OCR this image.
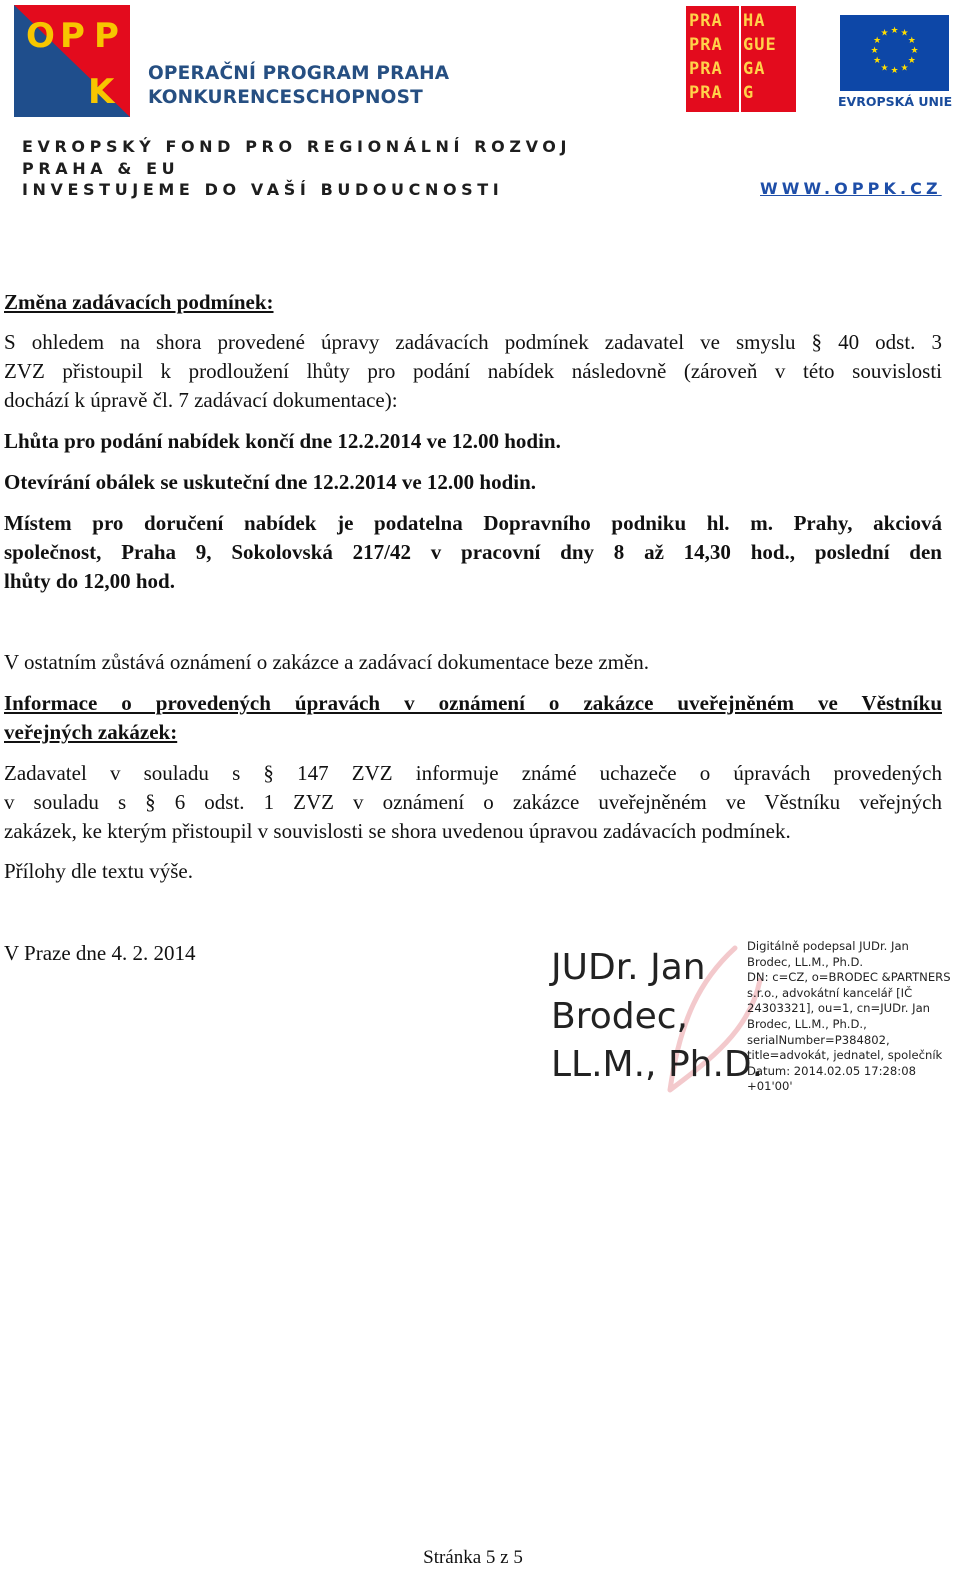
O P P
K OPERAČNÍ PROGRAM PRAHA
KONKURENCESCHOPNOST
PRA HA
PRA GUE
PRA GA
PRA G
★ ★
★
★
★
★
★
★
★
★
★
★
EVROPSKÁ UNIE
EVROPSKÝ FOND PRO REGIONÁLNÍ ROZVOJ
PRAHA & EU
INVESTUJEME DO VAŠÍ BUDOUCNOSTI	WWW.OPPK.CZ
Změna zadávacích podmínek:
S ohledem na shora provedené úpravy zadávacích podmínek zadavatel ve smyslu § 40 odst. 3
ZVZ přistoupil k prodloužení lhůty pro podání nabídek následovně (zároveň v této souvislosti
dochází k úpravě čl. 7 zadávací dokumentace):
Lhůta pro podání nabídek končí dne 12.2.2014 ve 12.00 hodin.
Otevírání obálek se uskuteční dne 12.2.2014 ve 12.00 hodin.
Místem pro doručení nabídek je podatelna Dopravního podniku hl. m. Prahy, akciová
společnost, Praha 9, Sokolovská 217/42 v pracovní dny 8 až 14,30 hod., poslední den
lhůty do 12,00 hod.
V ostatním zůstává oznámení o zakázce a zadávací dokumentace beze změn.
Informace o provedených úpravách v oznámení o zakázce uveřejněném ve Věstníku
veřejných zakázek:
Zadavatel v souladu s § 147 ZVZ informuje známé uchazeče o úpravách provedených
v souladu s § 6 odst. 1 ZVZ v oznámení o zakázce uveřejněném ve Věstníku veřejných
zakázek, ke kterým přistoupil v souvislosti se shora uvedenou úpravou zadávacích podmínek.
Přílohy dle textu výše.
V Praze dne 4. 2. 2014	JUDr. Jan
Brodec,
LL.M., Ph.D.
Digitálně podepsal JUDr. Jan
Brodec, LL.M., Ph.D.
DN: c=CZ, o=BRODEC &PARTNERS
s.r.o., advokátní kancelář [IČ
24303321], ou=1, cn=JUDr. Jan
Brodec, LL.M., Ph.D.,
serialNumber=P384802,
title=advokát, jednatel, společník
Datum: 2014.02.05 17:28:08
+01'00'
Stránka 5 z 5
